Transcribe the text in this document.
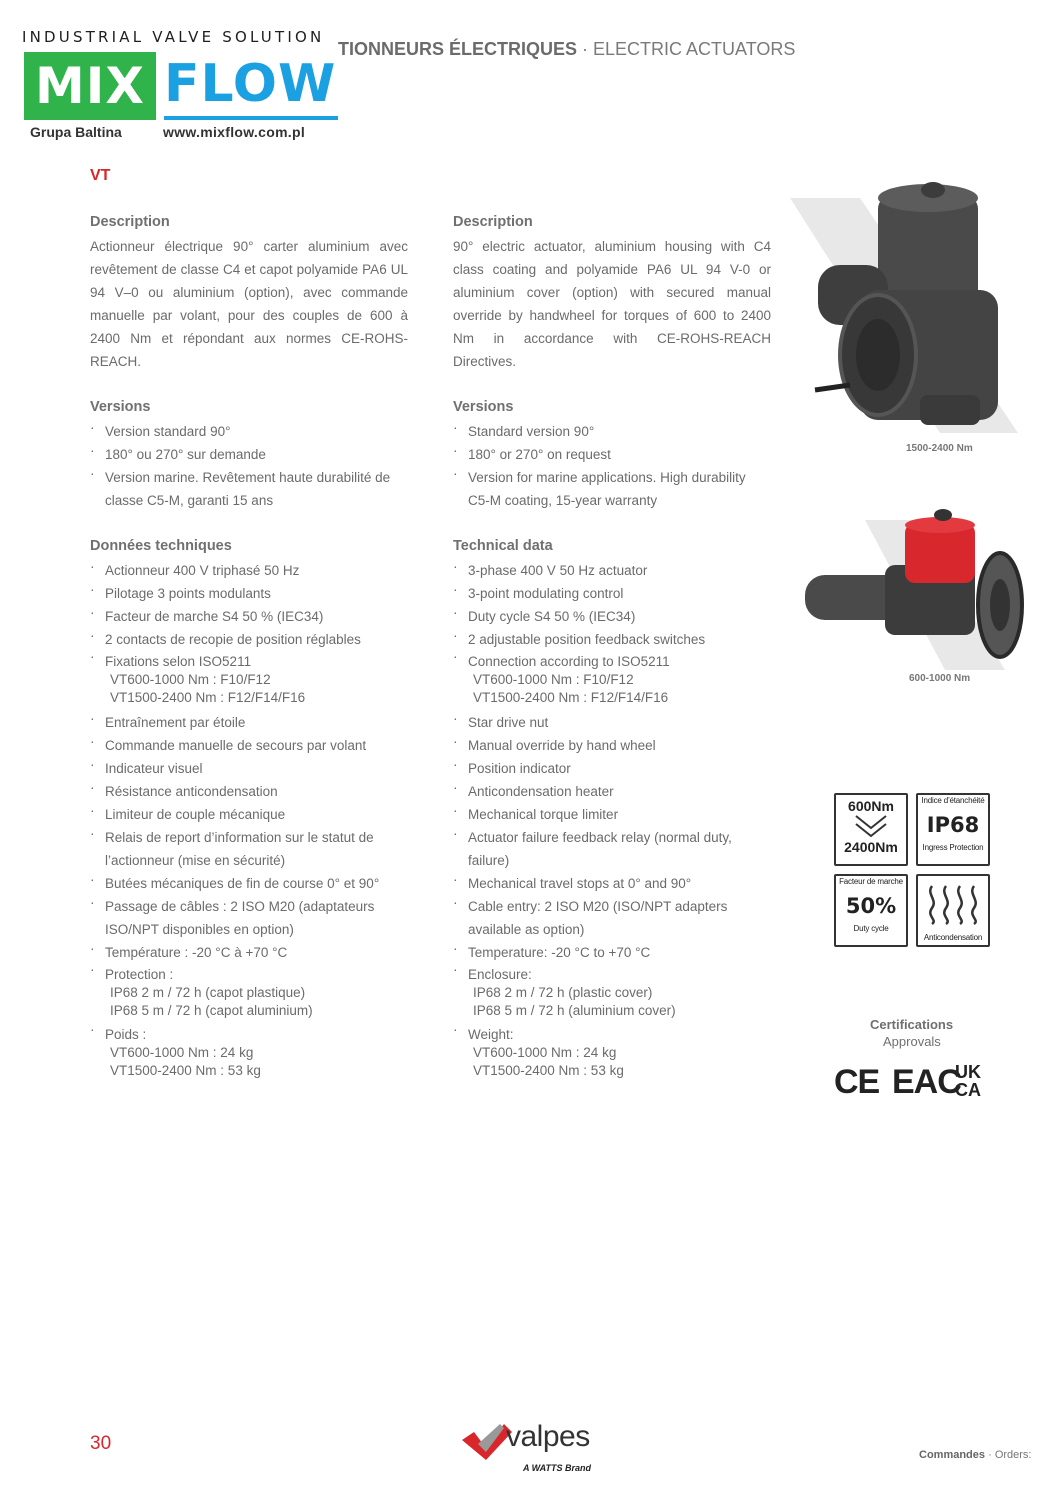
INDUSTRIAL VALVE SOLUTION
MIX FLOW
Grupa Baltina	www.mixflow.com.pl
TIONNEURS ÉLECTRIQUES · ELECTRIC ACTUATORS
VT
Description
Actionneur électrique 90° carter aluminium avec revêtement de classe C4 et capot polyamide PA6 UL 94 V–0 ou aluminium (option), avec commande manuelle par volant, pour des couples de 600 à 2400 Nm et répondant aux normes CE-ROHS-REACH.
Versions
· Version standard 90°
· 180° ou 270° sur demande
· Version marine. Revêtement haute durabilité de classe C5-M, garanti 15 ans
Données techniques
· Actionneur 400 V triphasé 50 Hz
· Pilotage 3 points modulants
· Facteur de marche S4 50 % (IEC34)
· 2 contacts de recopie de position réglables
· Fixations selon ISO5211
VT600-1000 Nm : F10/F12
VT1500-2400 Nm : F12/F14/F16
· Entraînement par étoile
· Commande manuelle de secours par volant
· Indicateur visuel
· Résistance anticondensation
· Limiteur de couple mécanique
· Relais de report d’information sur le statut de l’actionneur (mise en sécurité)
· Butées mécaniques de fin de course 0° et 90°
· Passage de câbles : 2 ISO M20 (adaptateurs ISO/NPT disponibles en option)
· Température : -20 °C à +70 °C
· Protection :
IP68 2 m / 72 h (capot plastique)
IP68 5 m / 72 h (capot aluminium)
· Poids :
VT600-1000 Nm : 24 kg
VT1500-2400 Nm : 53 kg
Description
90° electric actuator, aluminium housing with C4 class coating and polyamide PA6 UL 94 V-0 or aluminium cover (option) with secured manual override by handwheel for torques of 600 to 2400 Nm in accordance with CE-ROHS-REACH Directives.
Versions
· Standard version 90°
· 180° or 270° on request
· Version for marine applications. High durability C5-M coating, 15-year warranty
Technical data
· 3-phase 400 V 50 Hz actuator
· 3-point modulating control
· Duty cycle S4 50 % (IEC34)
· 2 adjustable position feedback switches
· Connection according to ISO5211
VT600-1000 Nm : F10/F12
VT1500-2400 Nm : F12/F14/F16
· Star drive nut
· Manual override by hand wheel
· Position indicator
· Anticondensation heater
· Mechanical torque limiter
· Actuator failure feedback relay (normal duty, failure)
· Mechanical travel stops at 0° and 90°
· Cable entry: 2 ISO M20 (ISO/NPT adapters available as option)
· Temperature: -20 °C to +70 °C
· Enclosure:
IP68 2 m / 72 h (plastic cover)
IP68 5 m / 72 h (aluminium cover)
· Weight:
VT600-1000 Nm : 24 kg
VT1500-2400 Nm : 53 kg
1500-2400 Nm
600-1000 Nm
600Nm
2400Nm
Indice d’étanchéité
IP68
Ingress Protection
Facteur de marche
50%
Duty cycle
Anticondensation
Certifications
Approvals
CE EAC
UK
CA
30	valpes
A WATTS Brand
Commandes · Orders:
